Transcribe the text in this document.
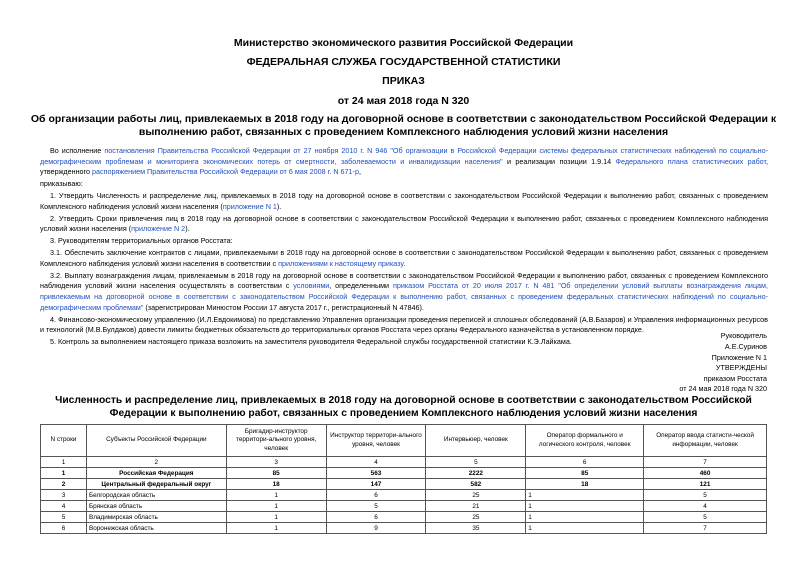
Министерство экономического развития Российской Федерации
ФЕДЕРАЛЬНАЯ СЛУЖБА ГОСУДАРСТВЕННОЙ СТАТИСТИКИ
ПРИКАЗ
от 24 мая 2018 года N 320
Об организации работы лиц, привлекаемых в 2018 году на договорной основе в соответствии с законодательством Российской Федерации к выполнению работ, связанных с проведением Комплексного наблюдения условий жизни населения

Во исполнение постановления Правительства Российской Федерации от 27 ноября 2010 г. N 946 "Об организации в Российской Федерации системы федеральных статистических наблюдений по социально-демографическим проблемам и мониторинга экономических потерь от смертности, заболеваемости и инвалидизации населения" и реализации позиции 1.9.14 Федерального плана статистических работ, утвержденного распоряжением Правительства Российской Федерации от 6 мая 2008 г. N 671-р,

приказываю:

1. Утвердить Численность и распределение лиц, привлекаемых в 2018 году на договорной основе в соответствии с законодательством Российской Федерации к выполнению работ, связанных с проведением Комплексного наблюдения условий жизни населения (приложение N 1).

2. Утвердить Сроки привлечения лиц в 2018 году на договорной основе в соответствии с законодательством Российской Федерации к выполнению работ, связанных с проведением Комплексного наблюдения условий жизни населения (приложение N 2).

3. Руководителям территориальных органов Росстата:

3.1. Обеспечить заключение контрактов с лицами, привлекаемыми в 2018 году на договорной основе в соответствии с законодательством Российской Федерации к выполнению работ, связанных с проведением Комплексного наблюдения условий жизни населения в соответствии с приложениями к настоящему приказу.

3.2. Выплату вознаграждения лицам, привлекаемым в 2018 году на договорной основе в соответствии с законодательством Российской Федерации к выполнению работ, связанных с проведением Комплексного наблюдения условий жизни населения осуществлять в соответствии с условиями, определенными приказом Росстата от 20 июля 2017 г. N 481 "Об определении условий выплаты вознаграждения лицам, привлекаемым на договорной основе в соответствии с законодательством Российской Федерации к выполнению работ, связанных с проведением федеральных статистических наблюдений по социально-демографическим проблемам" (зарегистрирован Минюстом России 17 августа 2017 г., регистрационный N 47846).

4. Финансово-экономическому управлению (И.Л.Евдокимова) по представлению Управления организации проведения переписей и сплошных обследований (А.В.Базаров) и Управления информационных ресурсов и технологий (М.В.Булдаков) довести лимиты бюджетных обязательств до территориальных органов Росстата через органы Федерального казначейства в установленном порядке.

5. Контроль за выполнением настоящего приказа возложить на заместителя руководителя Федеральной службы государственной статистики К.Э.Лайкама.

Руководитель
А.Е.Суринов
Приложение N 1
УТВЕРЖДЕНЫ
приказом Росстата
от 24 мая 2018 года N 320
Численность и распределение лиц, привлекаемых в 2018 году на договорной основе в соответствии с законодательством Российской Федерации к выполнению работ, связанных с проведением Комплексного наблюдения условий жизни населения
N строки	Субъекты Российской Федерации	Бригадир-инструктор территори-ального уровня, человек	Инструктор территори-ального уровня, человек	Интервьюер, человек	Оператор формального и логического контроля, человек	Оператор ввода статисти-ческой информации, человек
1	2	3	4	5	6	7
1	Российская Федерация	85	563	2222	85	460
2	Центральный федеральный округ	18	147	582	18	121
3	Белгородская область	1	6	25	1	5
4	Брянская область	1	5	21	1	4
5	Владимирская область	1	6	25	1	5
6	Воронежская область	1	9	35	1	7
